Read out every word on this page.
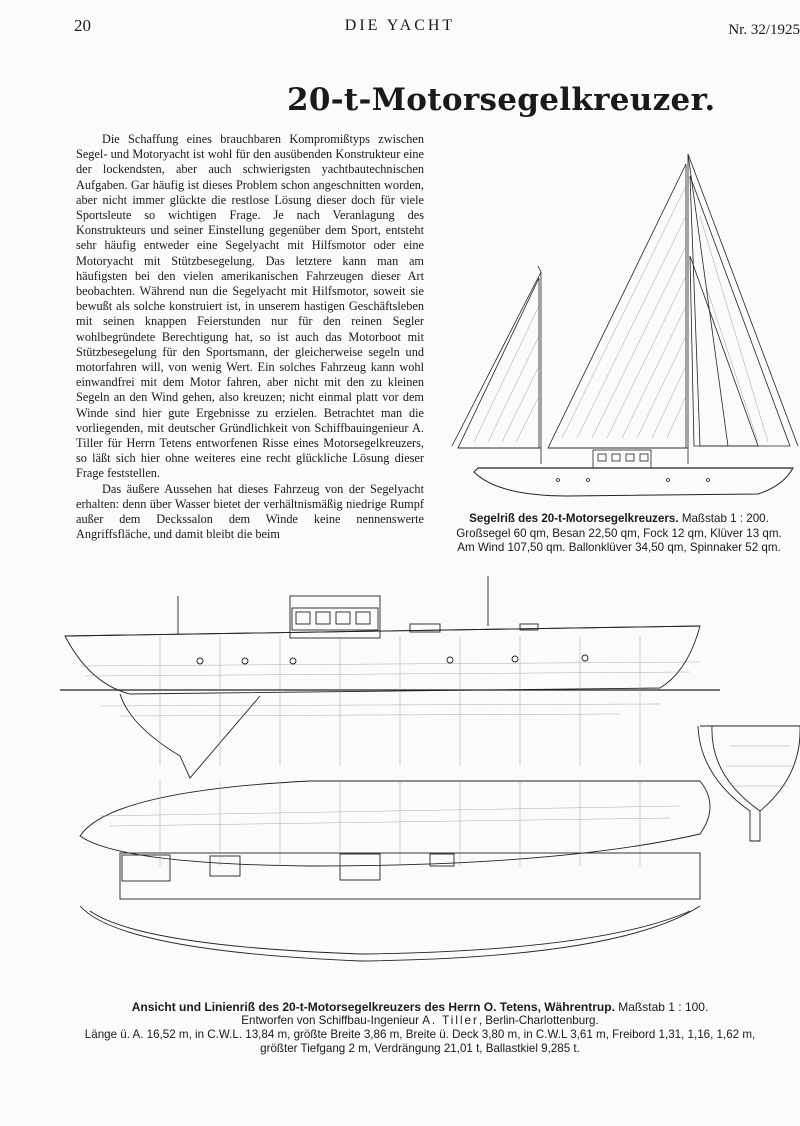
20	DIE YACHT	Nr. 32/1925
20-t-Motorsegelkreuzer.

Die Schaffung eines brauchbaren Kompromißtyps zwischen Segel- und Motoryacht ist wohl für den ausübenden Konstrukteur eine der lockendsten, aber auch schwierigsten yachtbautechnischen Aufgaben. Gar häufig ist dieses Problem schon angeschnitten worden, aber nicht immer glückte die restlose Lösung dieser doch für viele Sportsleute so wichtigen Frage. Je nach Veranlagung des Konstrukteurs und seiner Einstellung gegenüber dem Sport, entsteht sehr häufig entweder eine Segelyacht mit Hilfsmotor oder eine Motoryacht mit Stützbesegelung. Das letztere kann man am häufigsten bei den vielen amerikanischen Fahrzeugen dieser Art beobachten. Während nun die Segelyacht mit Hilfsmotor, soweit sie bewußt als solche konstruiert ist, in unserem hastigen Geschäftsleben mit seinen knappen Feierstunden nur für den reinen Segler wohlbegründete Berechtigung hat, so ist auch das Motorboot mit Stützbesegelung für den Sportsmann, der gleicherweise segeln und motorfahren will, von wenig Wert. Ein solches Fahrzeug kann wohl einwandfrei mit dem Motor fahren, aber nicht mit den zu kleinen Segeln an den Wind gehen, also kreuzen; nicht einmal platt vor dem Winde sind hier gute Ergebnisse zu erzielen. Betrachtet man die vorliegenden, mit deutscher Gründlichkeit von Schiffbauingenieur A. Tiller für Herrn Tetens entworfenen Risse eines Motorsegelkreuzers, so läßt sich hier ohne weiteres eine recht glückliche Lösung dieser Frage feststellen.

Das äußere Aussehen hat dieses Fahrzeug von der Segelyacht erhalten: denn über Wasser bietet der verhältnismäßig niedrige Rumpf außer dem Deckssalon dem Winde keine nennenswerte Angriffsfläche, und damit bleibt die beim

Segelriß des 20-t-Motorsegelkreuzers. Maßstab 1 : 200.
Großsegel 60 qm, Besan 22,50 qm, Fock 12 qm, Klüver 13 qm.
Am Wind 107,50 qm. Ballonklüver 34,50 qm, Spinnaker 52 qm.
Ansicht und Linienriß des 20-t-Motorsegelkreuzers des Herrn O. Tetens, Währentrup. Maßstab 1 : 100.
Entworfen von Schiffbau-Ingenieur A. Tiller, Berlin-Charlottenburg.
Länge ü. A. 16,52 m, in C.W.L. 13,84 m, größte Breite 3,86 m, Breite ü. Deck 3,80 m, in C.W.L 3,61 m, Freibord 1,31, 1,16, 1,62 m,
größter Tiefgang 2 m, Verdrängung 21,01 t, Ballastkiel 9,285 t.
